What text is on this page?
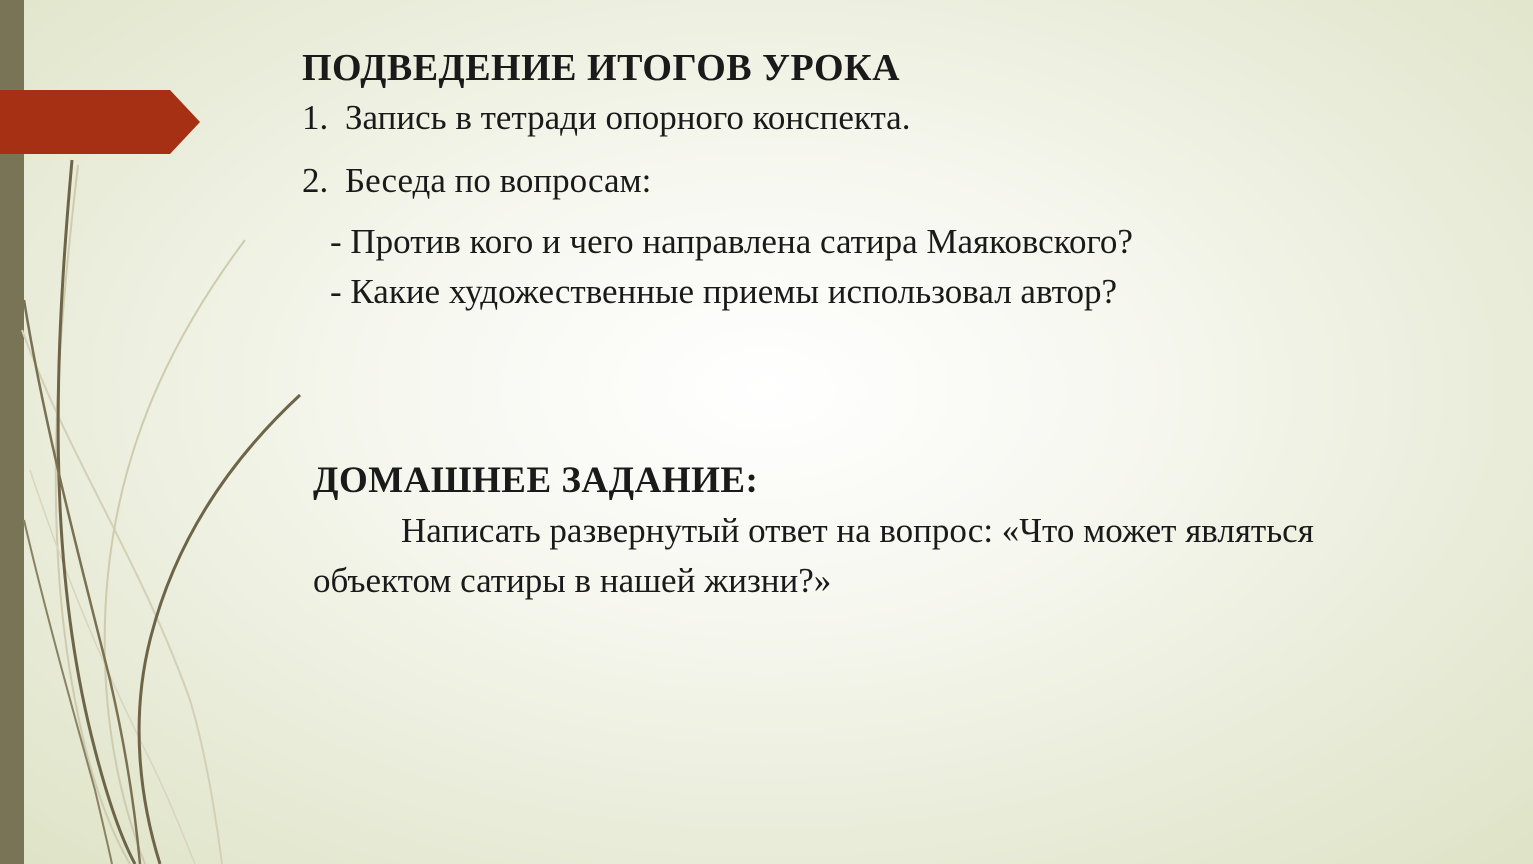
ПОДВЕДЕНИЕ ИТОГОВ УРОКА
1. Запись в тетради опорного конспекта.
2. Беседа по вопросам:
- Против кого и чего направлена сатира Маяковского?
- Какие художественные приемы использовал автор?
ДОМАШНЕЕ ЗАДАНИЕ:
Написать развернутый ответ на вопрос: «Что может являться объектом сатиры в нашей жизни?»
